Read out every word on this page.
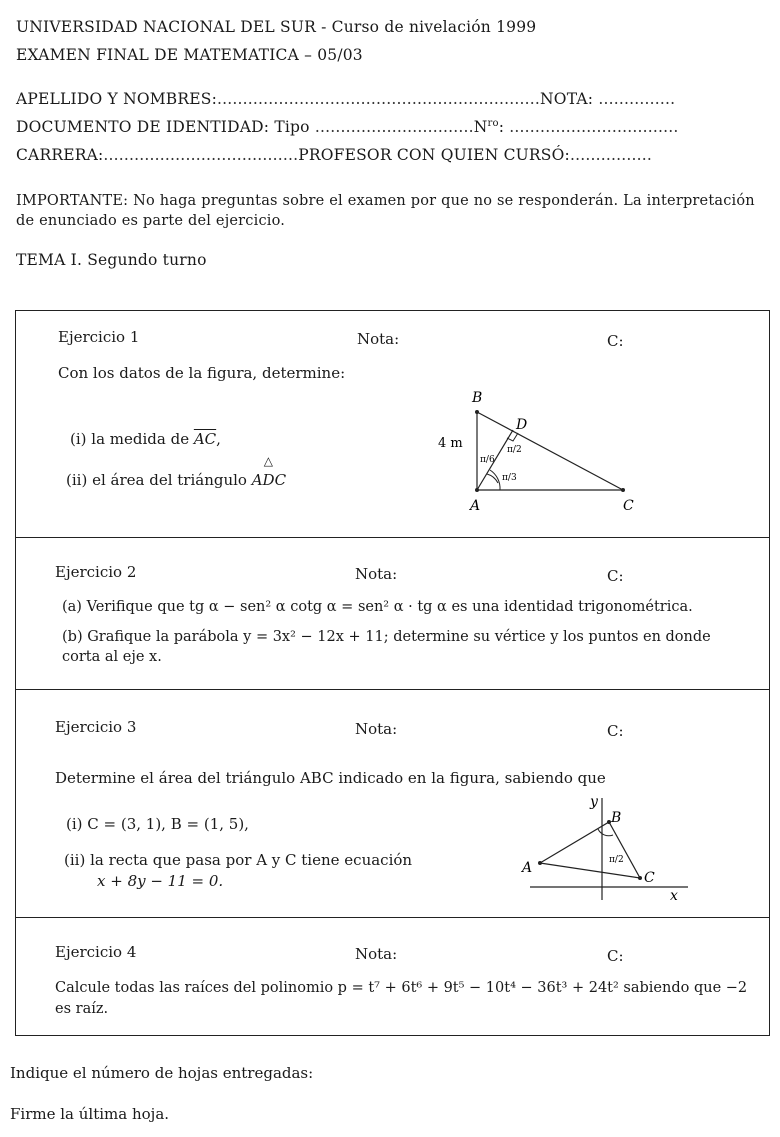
UNIVERSIDAD NACIONAL DEL SUR - Curso de nivelación 1999
EXAMEN FINAL DE MATEMATICA – 05/03
APELLIDO Y NOMBRES:...............................................................NOTA: ...............
DOCUMENTO DE IDENTIDAD: Tipo $...............................N^{ro}$: .................................
CARRERA:......................................PROFESOR CON QUIEN CURSÓ:................
IMPORTANTE: No haga preguntas sobre el examen por que no se responderán. La interpretación de enunciado es parte del ejercicio.
TEMA I. Segundo turno
Ejercicio 1	Nota:	C:
Con los datos de la figura, determine:
(i) la medida de $\overline{AC}$,
(ii) el área del triángulo
△
ADC
B
D
A	C
4 m
π/6
π/2
π/3
Ejercicio 2	Nota:	C:
(a) Verifique que tg α − sen² α cotg α = sen² α · tg α es una identidad trigonométrica.
(b) Grafique la parábola y = 3x² − 12x + 11; determine su vértice y los puntos en donde corta al eje x.
Ejercicio 3	Nota:	C:
Determine el área del triángulo ABC indicado en la figura, sabiendo que
(i) C = (3, 1), B = (1, 5),
(ii) la recta que pasa por A y C tiene ecuación
x + 8y − 11 = 0.
y
x
B
A
C
π/2
Ejercicio 4	Nota:	C:
Calcule todas las raíces del polinomio p = t⁷ + 6t⁶ + 9t⁵ − 10t⁴ − 36t³ + 24t² sabiendo que −2 es raíz.
Indique el número de hojas entregadas:
Firme la última hoja.
